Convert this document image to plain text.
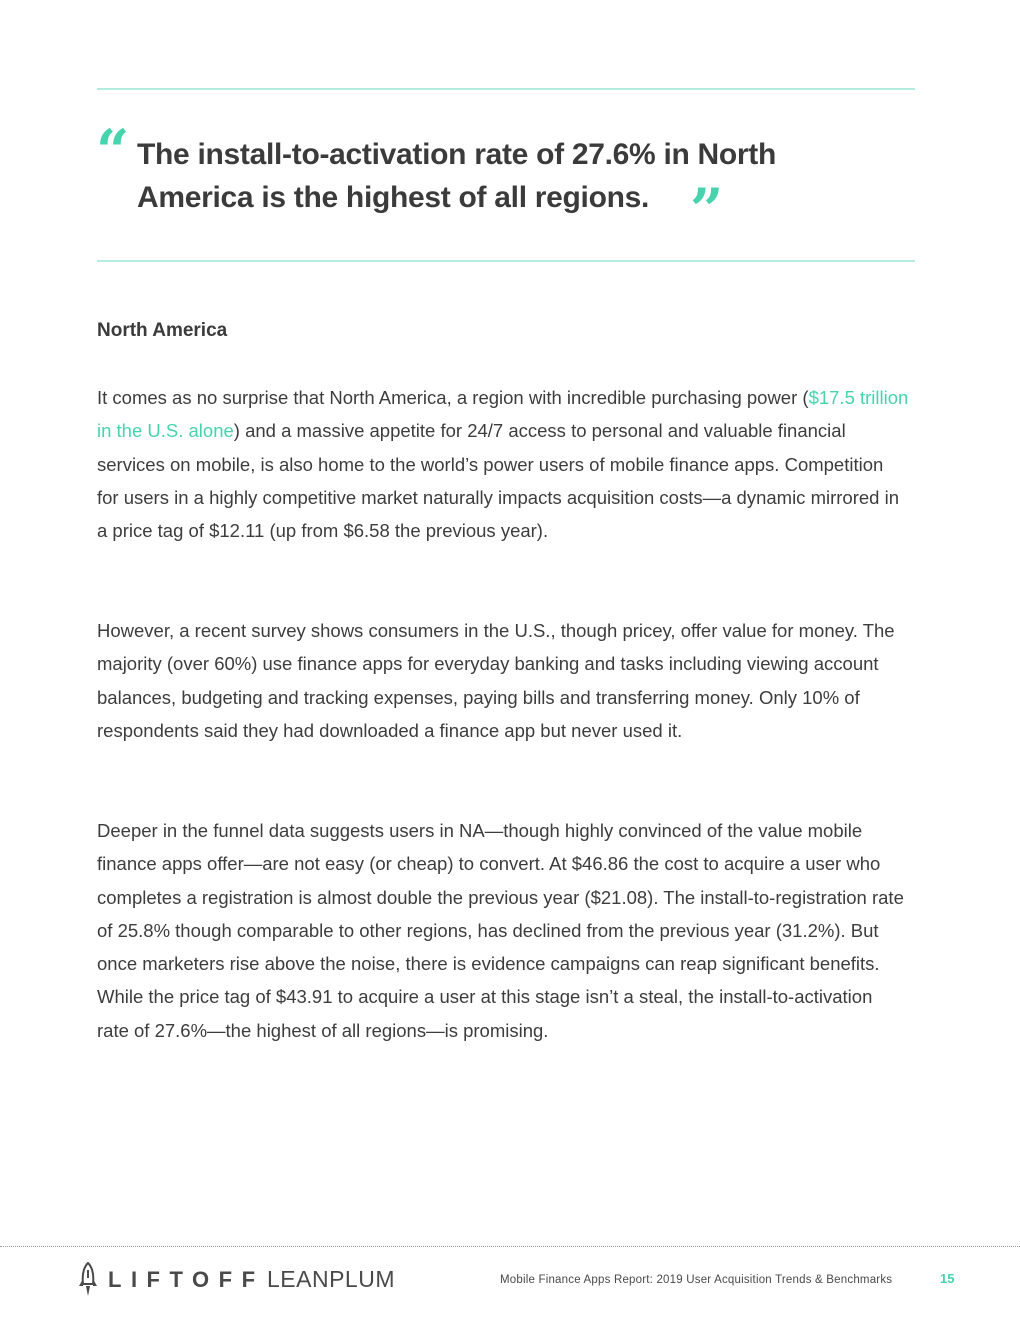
“ The install-to-activation rate of 27.6% in North America is the highest of all regions. ”
North America

It comes as no surprise that North America, a region with incredible purchasing power ($17.5 trillion in the U.S. alone) and a massive appetite for 24/7 access to personal and valuable financial services on mobile, is also home to the world’s power users of mobile finance apps. Competition for users in a highly competitive market naturally impacts acquisition costs—a dynamic mirrored in a price tag of $12.11 (up from $6.58 the previous year).

However, a recent survey shows consumers in the U.S., though pricey, offer value for money. The majority (over 60%) use finance apps for everyday banking and tasks including viewing account balances, budgeting and tracking expenses, paying bills and transferring money. Only 10% of respondents said they had downloaded a finance app but never used it.

Deeper in the funnel data suggests users in NA—though highly convinced of the value mobile finance apps offer—are not easy (or cheap) to convert. At $46.86 the cost to acquire a user who completes a registration is almost double the previous year ($21.08). The install-to-registration rate of 25.8% though comparable to other regions, has declined from the previous year (31.2%). But once marketers rise above the noise, there is evidence campaigns can reap significant benefits. While the price tag of $43.91 to acquire a user at this stage isn’t a steal, the install-to-activation rate of 27.6%—the highest of all regions—is promising.

LIFTOFF LEANPLUM	Mobile Finance Apps Report: 2019 User Acquisition Trends & Benchmarks	15
